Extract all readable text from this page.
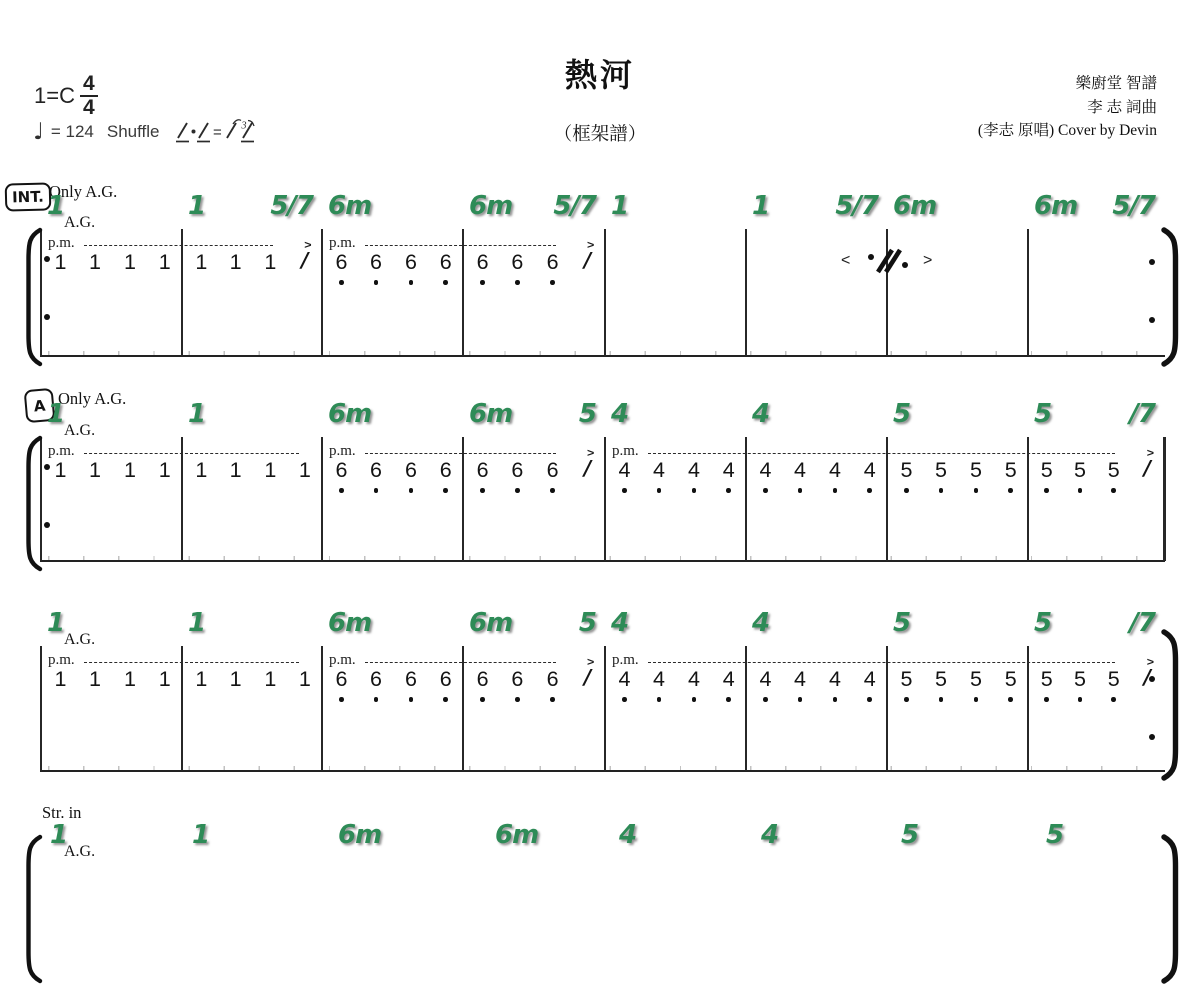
$1=C \frac{4}{4}$
♩ = 124 Shuffle	= 3
熱河
（框架譜）
樂廚堂 智譜
李 志 詞曲
(李志 原唱) Cover by Devin
INT. Only A.G.
A.G.
p.m.	p.m.
1
1 1 1 1
1	5/7
1 1 1
>
/
6m
6 6 6 6
6m	5/7
6 6 6
>
/
1	1	5/7
<	>
6m	6m	5/7
A Only A.G.
A.G.
p.m.	p.m.	p.m.
1
1 1 1 1
1
1 1 1 1
6m
6 6 6 6
6m	5
6 6 6
>
/
4
4 4 4 4
4
4 4 4 4
5
5 5 5 5
5	/7
5 5 5
>
/
A.G.
p.m.	p.m.	p.m.
1
1 1 1 1
1
1 1 1 1
6m
6 6 6 6
6m	5
6 6 6
>
/
4
4 4 4 4
4
4 4 4 4
5
5 5 5 5
5	/7
5 5 5
>
/
Str. in
A.G.
1	1	6m	6m	4	4	5	5
